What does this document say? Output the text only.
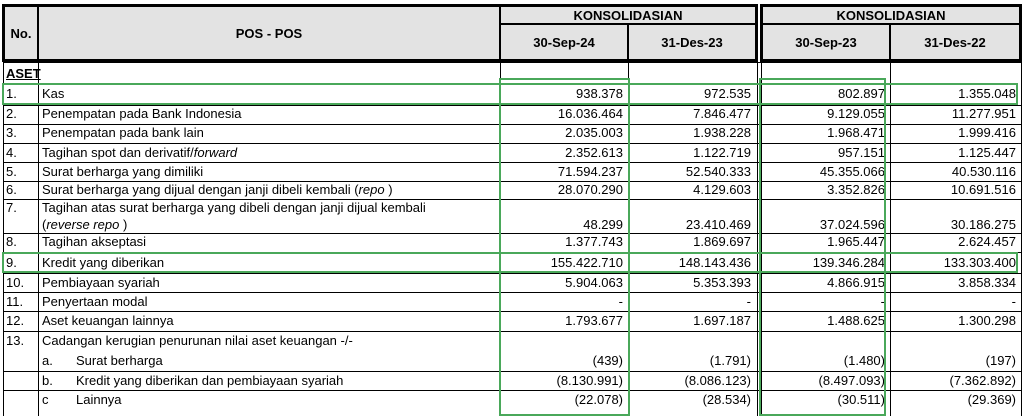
No.	POS - POS
KONSOLIDASIAN
30-Sep-24	31-Des-23
KONSOLIDASIAN
30-Sep-23	31-Des-22
ASET
1. Kas	938.378	972.535	802.897	1.355.048
2. Penempatan pada Bank Indonesia	16.036.464	7.846.477	9.129.055	11.277.951
3. Penempatan pada bank lain	2.035.003	1.938.228	1.968.471	1.999.416
4. Tagihan spot dan derivatif/forward	2.352.613	1.122.719	957.151	1.125.447
5. Surat berharga yang dimiliki	71.594.237	52.540.333	45.355.066	40.530.116
6. Surat berharga yang dijual dengan janji dibeli kembali (repo )	28.070.290	4.129.603	3.352.826	10.691.516
7. Tagihan atas surat berharga yang dibeli dengan janji dijual kembali
(reverse repo )	48.299	23.410.469	37.024.596	30.186.275
8. Tagihan akseptasi	1.377.743	1.869.697	1.965.447	2.624.457
9. Kredit yang diberikan	155.422.710	148.143.436	139.346.284	133.303.400
10. Pembiayaan syariah	5.904.063	5.353.393	4.866.915	3.858.334
11. Penyertaan modal	-	-	-	-
12. Aset keuangan lainnya	1.793.677	1.697.187	1.488.625	1.300.298
13. Cadangan kerugian penurunan nilai aset keuangan -/-
a. Surat berharga	(439)	(1.791)	(1.480)	(197)
b. Kredit yang diberikan dan pembiayaan syariah	(8.130.991)	(8.086.123)	(8.497.093)	(7.362.892)
c Lainnya	(22.078)	(28.534)	(30.511)	(29.369)
